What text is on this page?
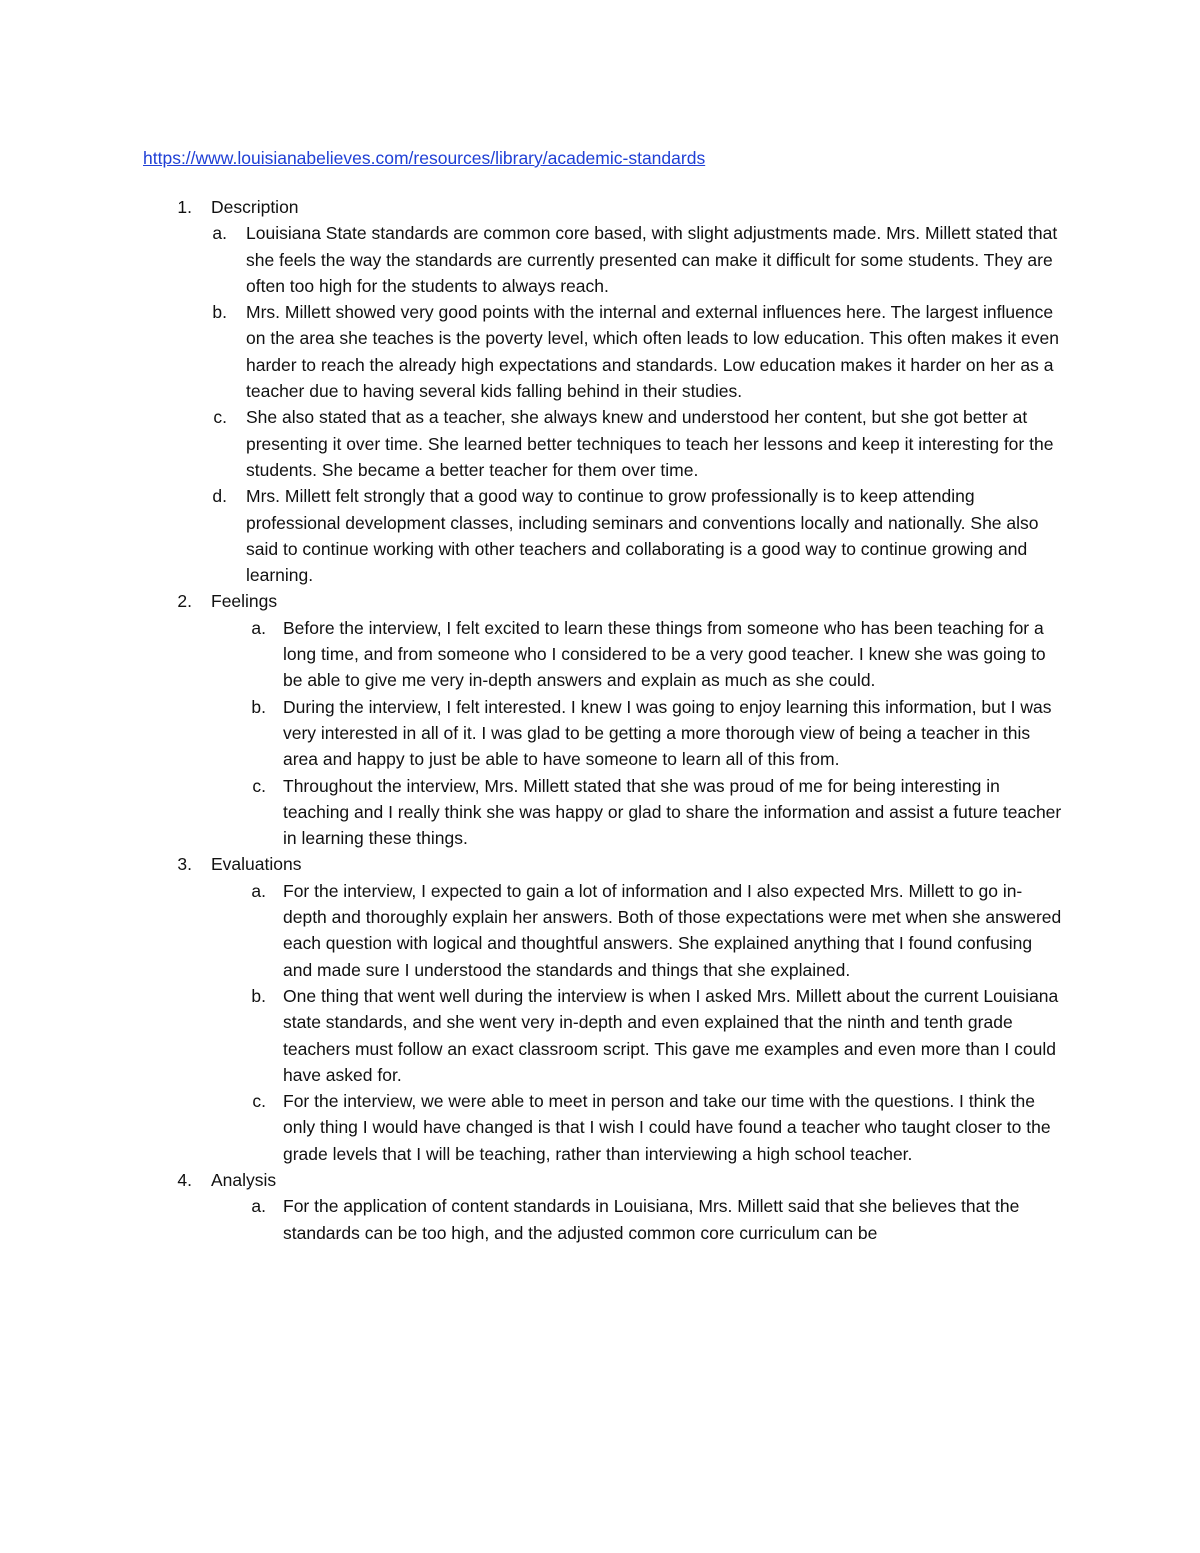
https://www.louisianabelieves.com/resources/library/academic-standards
1. Description
a. Louisiana State standards are common core based, with slight adjustments made. Mrs. Millett stated that she feels the way the standards are currently presented can make it difficult for some students. They are often too high for the students to always reach.

b. Mrs. Millett showed very good points with the internal and external influences here. The largest influence on the area she teaches is the poverty level, which often leads to low education. This often makes it even harder to reach the already high expectations and standards. Low education makes it harder on her as a teacher due to having several kids falling behind in their studies.

c. She also stated that as a teacher, she always knew and understood her content, but she got better at presenting it over time. She learned better techniques to teach her lessons and keep it interesting for the students. She became a better teacher for them over time.

d. Mrs. Millett felt strongly that a good way to continue to grow professionally is to keep attending professional development classes, including seminars and conventions locally and nationally. She also said to continue working with other teachers and collaborating is a good way to continue growing and learning.

2. Feelings
a. Before the interview, I felt excited to learn these things from someone who has been teaching for a long time, and from someone who I considered to be a very good teacher. I knew she was going to be able to give me very in-depth answers and explain as much as she could.

b. During the interview, I felt interested. I knew I was going to enjoy learning this information, but I was very interested in all of it. I was glad to be getting a more thorough view of being a teacher in this area and happy to just be able to have someone to learn all of this from.

c. Throughout the interview, Mrs. Millett stated that she was proud of me for being interesting in teaching and I really think she was happy or glad to share the information and assist a future teacher in learning these things.

3. Evaluations
a. For the interview, I expected to gain a lot of information and I also expected Mrs. Millett to go in-depth and thoroughly explain her answers. Both of those expectations were met when she answered each question with logical and thoughtful answers. She explained anything that I found confusing and made sure I understood the standards and things that she explained.

b. One thing that went well during the interview is when I asked Mrs. Millett about the current Louisiana state standards, and she went very in-depth and even explained that the ninth and tenth grade teachers must follow an exact classroom script. This gave me examples and even more than I could have asked for.

c. For the interview, we were able to meet in person and take our time with the questions. I think the only thing I would have changed is that I wish I could have found a teacher who taught closer to the grade levels that I will be teaching, rather than interviewing a high school teacher.

4. Analysis
a. For the application of content standards in Louisiana, Mrs. Millett said that she believes that the standards can be too high, and the adjusted common core curriculum can be
